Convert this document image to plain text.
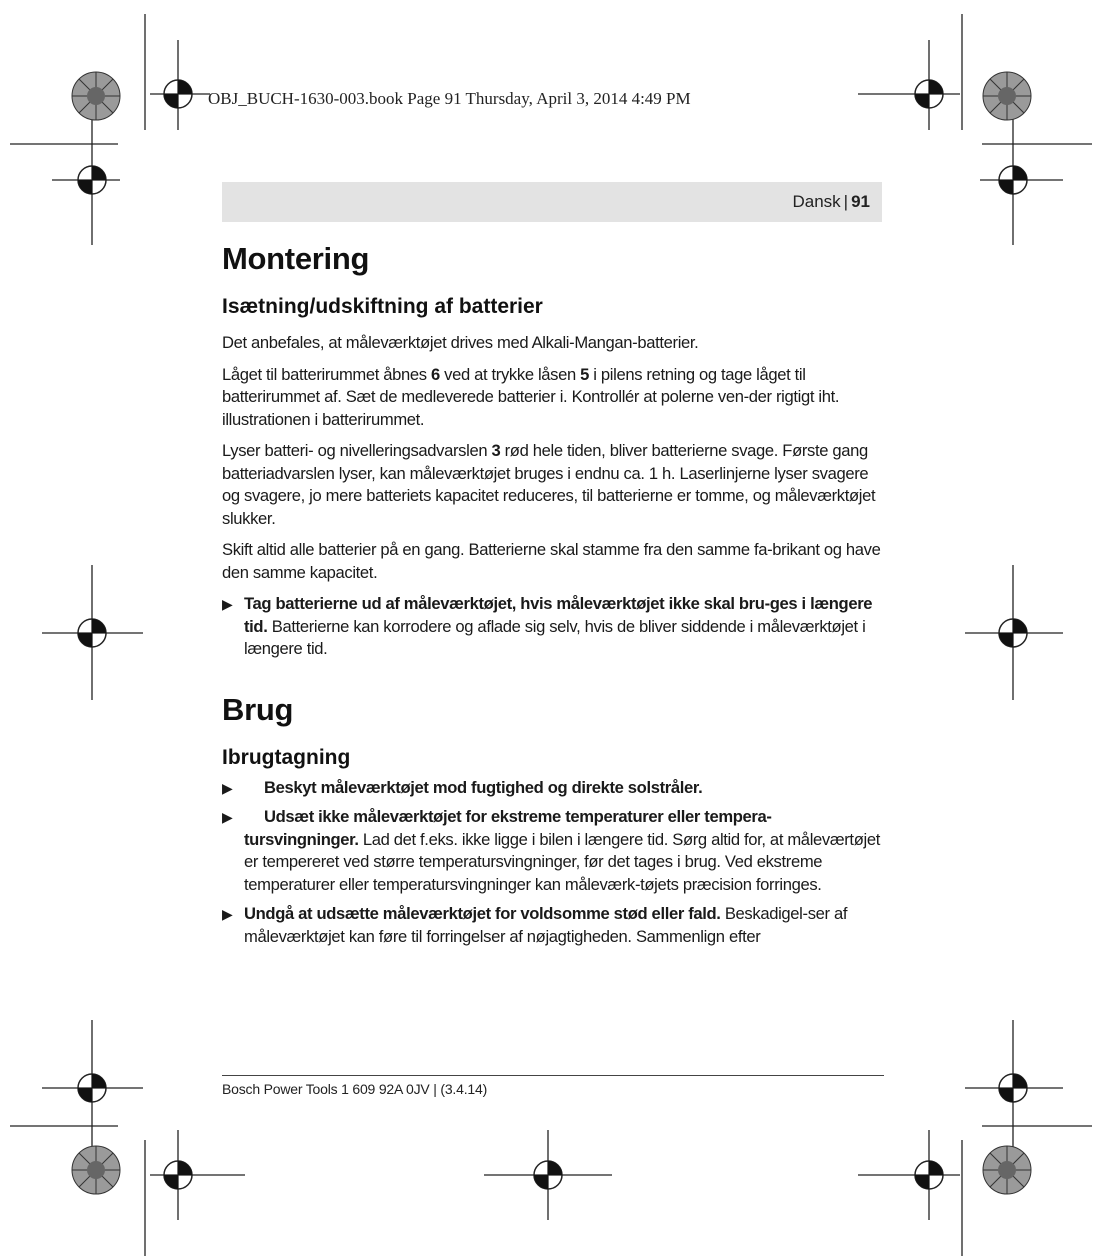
OBJ_BUCH-1630-003.book Page 91 Thursday, April 3, 2014 4:49 PM
Dansk | 91
Montering
Isætning/udskiftning af batterier

Det anbefales, at måleværktøjet drives med Alkali-Mangan-batterier.

Låget til batterirummet åbnes 6 ved at trykke låsen 5 i pilens retning og tage låget til batterirummet af. Sæt de medleverede batterier i. Kontrollér at polerne ven-der rigtigt iht. illustrationen i batterirummet.

Lyser batteri- og nivelleringsadvarslen 3 rød hele tiden, bliver batterierne svage. Første gang batteriadvarslen lyser, kan måleværktøjet bruges i endnu ca. 1 h. Laserlinjerne lyser svagere og svagere, jo mere batteriets kapacitet reduceres, til batterierne er tomme, og måleværktøjet slukker.

Skift altid alle batterier på en gang. Batterierne skal stamme fra den samme fa-brikant og have den samme kapacitet.

▶ Tag batterierne ud af måleværktøjet, hvis måleværktøjet ikke skal bru-ges i længere tid. Batterierne kan korrodere og aflade sig selv, hvis de bliver siddende i måleværktøjet i længere tid.
Brug
Ibrugtagning
▶ Beskyt måleværktøjet mod fugtighed og direkte solstråler.
▶ Udsæt ikke måleværktøjet for ekstreme temperaturer eller tempera-tursvingninger. Lad det f.eks. ikke ligge i bilen i længere tid. Sørg altid for, at måleværtøjet er tempereret ved større temperatursvingninger, før det tages i brug. Ved ekstreme temperaturer eller temperatursvingninger kan måleværk-tøjets præcision forringes.
▶ Undgå at udsætte måleværktøjet for voldsomme stød eller fald. Beskadigel-ser af måleværktøjet kan føre til forringelser af nøjagtigheden. Sammenlign efter
Bosch Power Tools 1 609 92A 0JV | (3.4.14)
